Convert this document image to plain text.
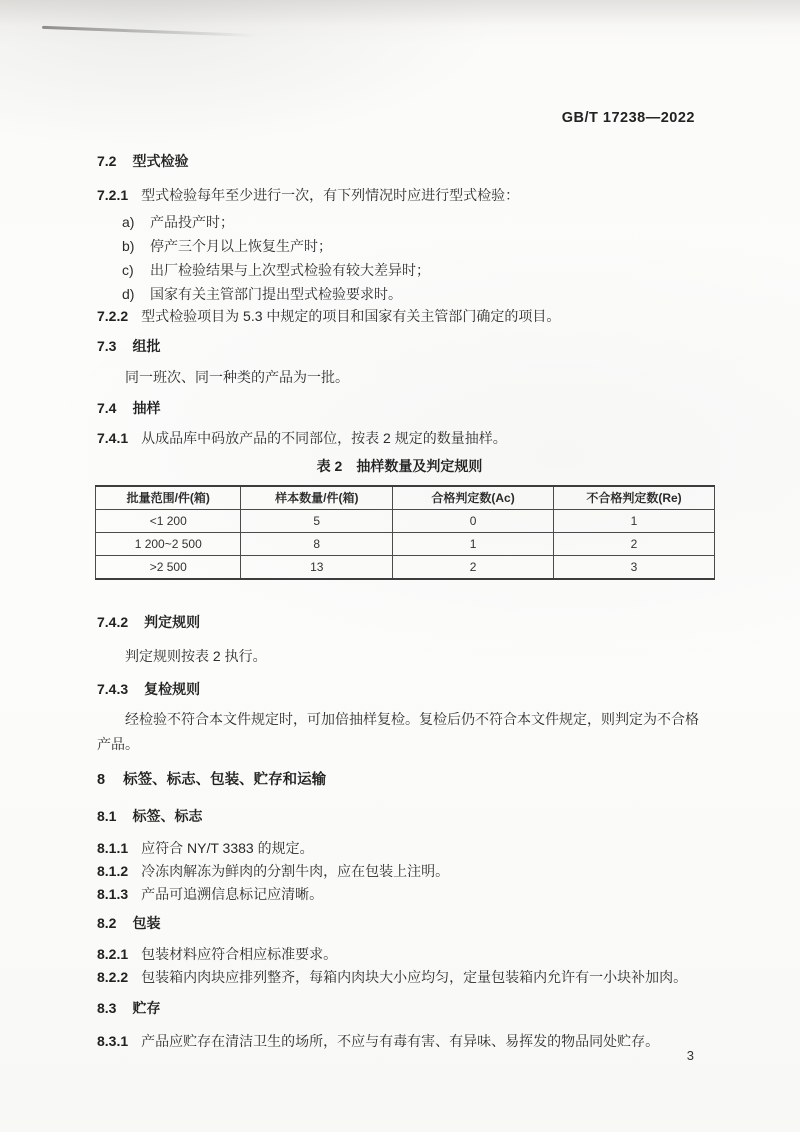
GB/T 17238—2022
7.2 型式检验
7.2.1 型式检验每年至少进行一次，有下列情况时应进行型式检验：
a) 产品投产时；
b) 停产三个月以上恢复生产时；
c) 出厂检验结果与上次型式检验有较大差异时；
d) 国家有关主管部门提出型式检验要求时。
7.2.2 型式检验项目为 5.3 中规定的项目和国家有关主管部门确定的项目。
7.3 组批
同一班次、同一种类的产品为一批。
7.4 抽样
7.4.1 从成品库中码放产品的不同部位，按表 2 规定的数量抽样。
表 2　抽样数量及判定规则
批量范围/件(箱)	样本数量/件(箱)	合格判定数(Ac)	不合格判定数(Re)
<1 200	5	0	1
1 200~2 500	8	1	2
>2 500	13	2	3
7.4.2 判定规则
判定规则按表 2 执行。
7.4.3 复检规则
经检验不符合本文件规定时，可加倍抽样复检。复检后仍不符合本文件规定，则判定为不合格
产品。
8 标签、标志、包装、贮存和运输
8.1 标签、标志
8.1.1 应符合 NY/T 3383 的规定。
8.1.2 冷冻肉解冻为鲜肉的分割牛肉，应在包装上注明。
8.1.3 产品可追溯信息标记应清晰。
8.2 包装
8.2.1 包装材料应符合相应标准要求。
8.2.2 包装箱内肉块应排列整齐，每箱内肉块大小应均匀，定量包装箱内允许有一小块补加肉。
8.3 贮存
8.3.1 产品应贮存在清洁卫生的场所，不应与有毒有害、有异味、易挥发的物品同处贮存。
3
